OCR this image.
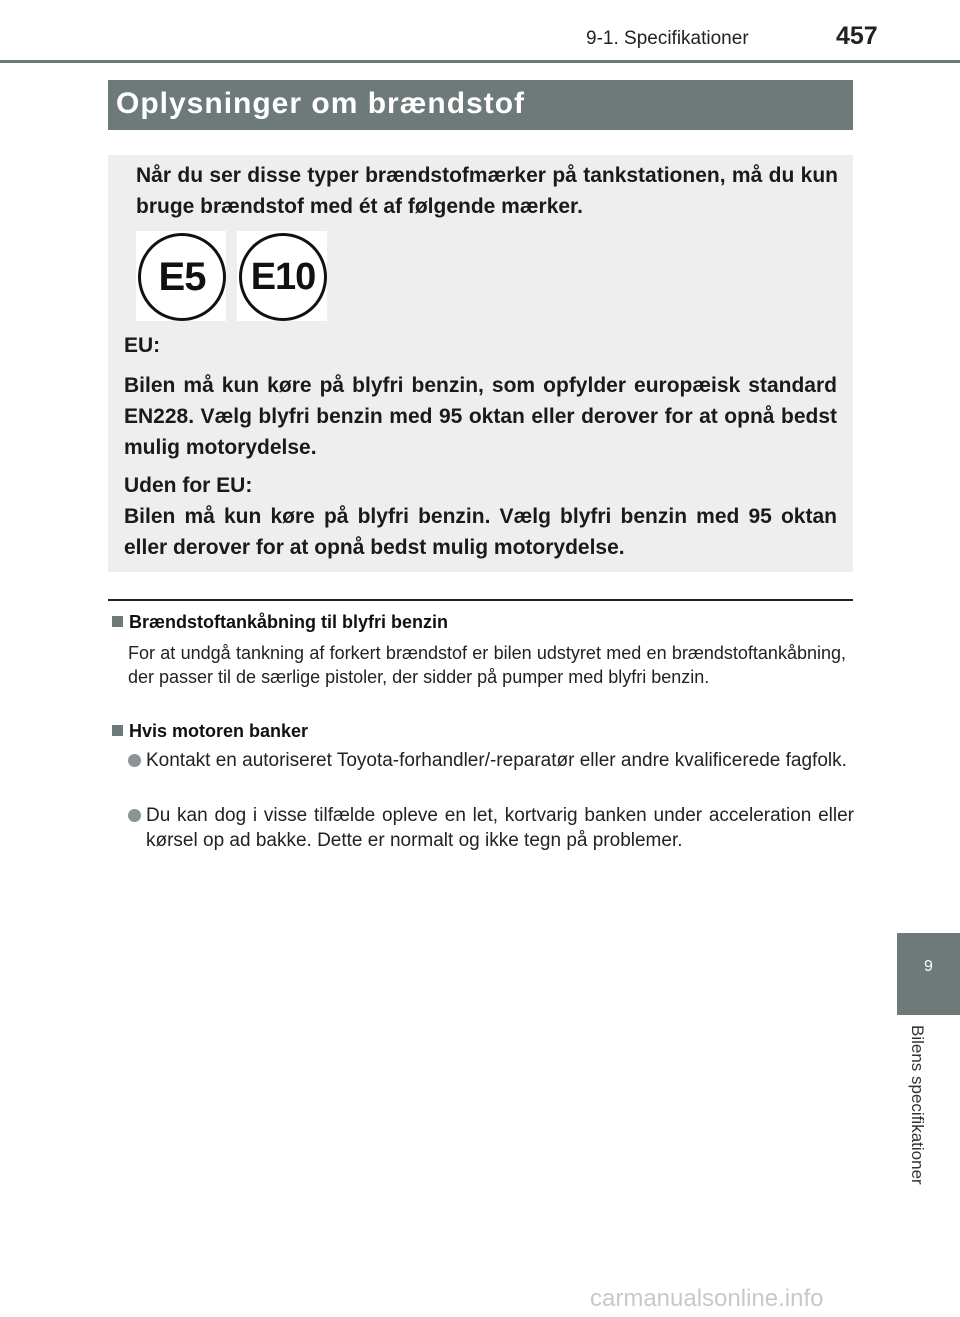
9-1. Specifikationer	457
Oplysninger om brændstof
Når du ser disse typer brændstofmærker på tankstationen, må du kun bruge brændstof med ét af følgende mærker.
E5	E10
EU:
Bilen må kun køre på blyfri benzin, som opfylder europæisk standard EN228. Vælg blyfri benzin med 95 oktan eller derover for at opnå bedst mulig motorydelse.
Uden for EU:
Bilen må kun køre på blyfri benzin. Vælg blyfri benzin med 95 oktan eller derover for at opnå bedst mulig motorydelse.
Brændstoftankåbning til blyfri benzin
For at undgå tankning af forkert brændstof er bilen udstyret med en brændstoftankåbning, der passer til de særlige pistoler, der sidder på pumper med blyfri benzin.
Hvis motoren banker
Kontakt en autoriseret Toyota-forhandler/-reparatør eller andre kvalificerede fagfolk.
Du kan dog i visse tilfælde opleve en let, kortvarig banken under acceleration eller kørsel op ad bakke. Dette er normalt og ikke tegn på problemer.
9
Bilens specifikationer
carmanualsonline.info
